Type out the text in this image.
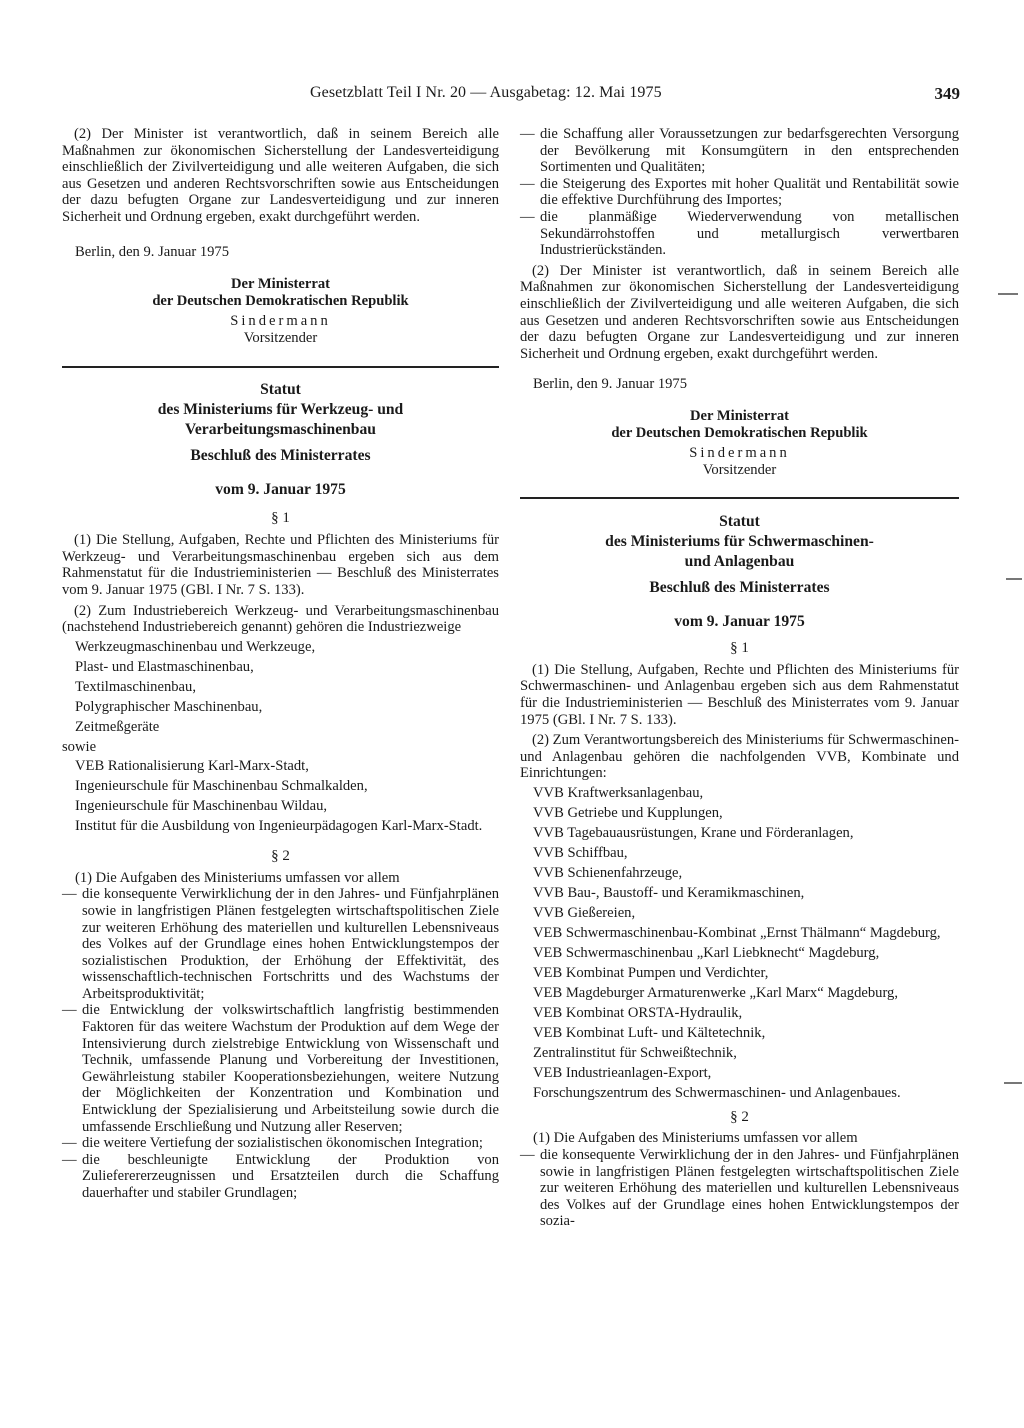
Gesetzblatt Teil I Nr. 20 — Ausgabetag: 12. Mai 1975	349

(2) Der Minister ist verantwortlich, daß in seinem Bereich alle Maßnahmen zur ökonomischen Sicherstellung der Landesverteidigung einschließlich der Zivilverteidigung und alle weiteren Aufgaben, die sich aus Gesetzen und anderen Rechtsvorschriften sowie aus Entscheidungen der dazu befugten Organe zur Landesverteidigung und zur inneren Sicherheit und Ordnung ergeben, exakt durchgeführt werden.

Berlin, den 9. Januar 1975

Der Ministerrat
der Deutschen Demokratischen Republik
Sindermann
Vorsitzender
Statut
des Ministeriums für Werkzeug- und
Verarbeitungsmaschinenbau
Beschluß des Ministerrates
vom 9. Januar 1975
§ 1

(1) Die Stellung, Aufgaben, Rechte und Pflichten des Ministeriums für Werkzeug- und Verarbeitungsmaschinenbau ergeben sich aus dem Rahmenstatut für die Industrieministerien — Beschluß des Ministerrates vom 9. Januar 1975 (GBl. I Nr. 7 S. 133).

(2) Zum Industriebereich Werkzeug- und Verarbeitungsmaschinenbau (nachstehend Industriebereich genannt) gehören die Industriezweige

Werkzeugmaschinenbau und Werkzeuge,
Plast- und Elastmaschinenbau,
Textilmaschinenbau,
Polygraphischer Maschinenbau,
Zeitmeßgeräte
sowie
VEB Rationalisierung Karl-Marx-Stadt,
Ingenieurschule für Maschinenbau Schmalkalden,
Ingenieurschule für Maschinenbau Wildau,
Institut für die Ausbildung von Ingenieurpädagogen Karl-Marx-Stadt.
§ 2

(1) Die Aufgaben des Ministeriums umfassen vor allem

— die konsequente Verwirklichung der in den Jahres- und Fünfjahrplänen sowie in langfristigen Plänen festgelegten wirtschaftspolitischen Ziele zur weiteren Erhöhung des materiellen und kulturellen Lebensniveaus des Volkes auf der Grundlage eines hohen Entwicklungstempos der sozialistischen Produktion, der Erhöhung der Effektivität, des wissenschaftlich-technischen Fortschritts und des Wachstums der Arbeitsproduktivität;
— die Entwicklung der volkswirtschaftlich langfristig bestimmenden Faktoren für das weitere Wachstum der Produktion auf dem Wege der Intensivierung durch zielstrebige Entwicklung von Wissenschaft und Technik, umfassende Planung und Vorbereitung der Investitionen, Gewährleistung stabiler Kooperationsbeziehungen, weitere Nutzung der Möglichkeiten der Konzentration und Kombination und Entwicklung der Spezialisierung und Arbeitsteilung sowie durch die umfassende Erschließung und Nutzung aller Reserven;
— die weitere Vertiefung der sozialistischen ökonomischen Integration;
— die beschleunigte Entwicklung der Produktion von Zulieferererzeugnissen und Ersatzteilen durch die Schaffung dauerhafter und stabiler Grundlagen;
— die Schaffung aller Voraussetzungen zur bedarfsgerechten Versorgung der Bevölkerung mit Konsumgütern in den entsprechenden Sortimenten und Qualitäten;
— die Steigerung des Exportes mit hoher Qualität und Rentabilität sowie die effektive Durchführung des Importes;
— die planmäßige Wiederverwendung von metallischen Sekundärrohstoffen und metallurgisch verwertbaren Industrierückständen.

(2) Der Minister ist verantwortlich, daß in seinem Bereich alle Maßnahmen zur ökonomischen Sicherstellung der Landesverteidigung einschließlich der Zivilverteidigung und alle weiteren Aufgaben, die sich aus Gesetzen und anderen Rechtsvorschriften sowie aus Entscheidungen der dazu befugten Organe zur Landesverteidigung und zur inneren Sicherheit und Ordnung ergeben, exakt durchgeführt werden.

Berlin, den 9. Januar 1975

Der Ministerrat
der Deutschen Demokratischen Republik
Sindermann
Vorsitzender
Statut
des Ministeriums für Schwermaschinen-
und Anlagenbau
Beschluß des Ministerrates
vom 9. Januar 1975
§ 1

(1) Die Stellung, Aufgaben, Rechte und Pflichten des Ministeriums für Schwermaschinen- und Anlagenbau ergeben sich aus dem Rahmenstatut für die Industrieministerien — Beschluß des Ministerrates vom 9. Januar 1975 (GBl. I Nr. 7 S. 133).

(2) Zum Verantwortungsbereich des Ministeriums für Schwermaschinen- und Anlagenbau gehören die nachfolgenden VVB, Kombinate und Einrichtungen:

VVB Kraftwerksanlagenbau,
VVB Getriebe und Kupplungen,
VVB Tagebauausrüstungen, Krane und Förderanlagen,
VVB Schiffbau,
VVB Schienenfahrzeuge,
VVB Bau-, Baustoff- und Keramikmaschinen,
VVB Gießereien,
VEB Schwermaschinenbau-Kombinat „Ernst Thälmann“ Magdeburg,
VEB Schwermaschinenbau „Karl Liebknecht“ Magdeburg,
VEB Kombinat Pumpen und Verdichter,
VEB Magdeburger Armaturenwerke „Karl Marx“ Magdeburg,
VEB Kombinat ORSTA-Hydraulik,
VEB Kombinat Luft- und Kältetechnik,
Zentralinstitut für Schweißtechnik,
VEB Industrieanlagen-Export,
Forschungszentrum des Schwermaschinen- und Anlagenbaues.
§ 2

(1) Die Aufgaben des Ministeriums umfassen vor allem

— die konsequente Verwirklichung der in den Jahres- und Fünfjahrplänen sowie in langfristigen Plänen festgelegten wirtschaftspolitischen Ziele zur weiteren Erhöhung des materiellen und kulturellen Lebensniveaus des Volkes auf der Grundlage eines hohen Entwicklungstempos der sozia-
